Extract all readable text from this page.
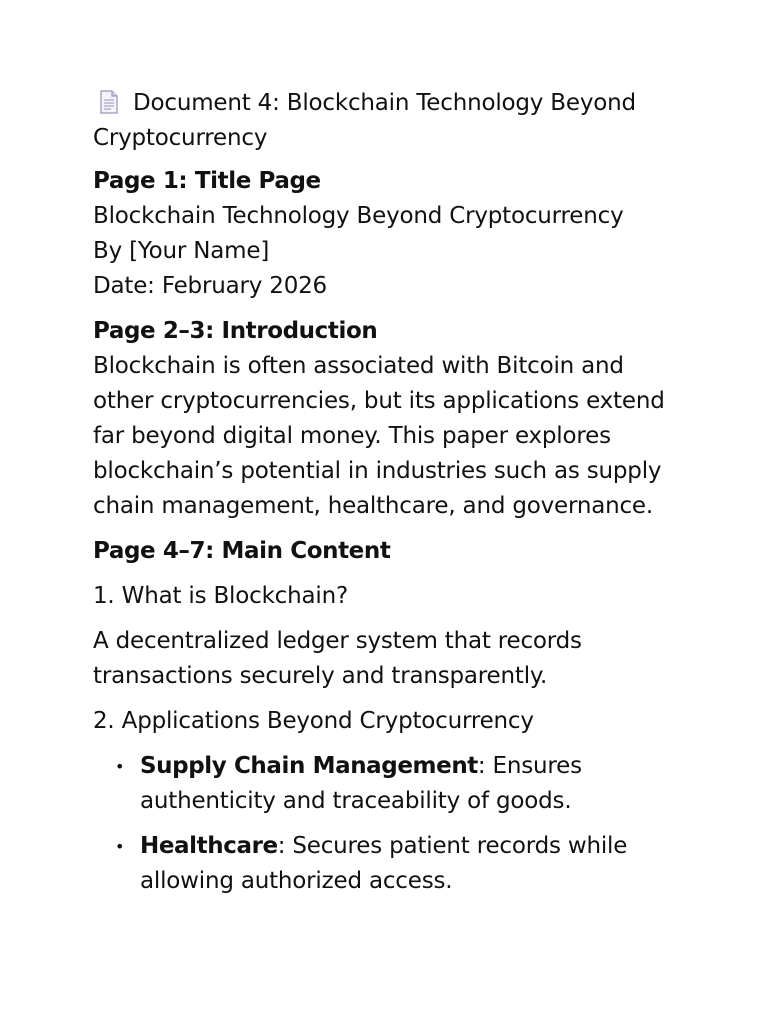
Document 4: Blockchain Technology Beyond Cryptocurrency

Page 1: Title Page

Blockchain Technology Beyond Cryptocurrency

By [Your Name]

Date: February 2026

Page 2–3: Introduction

Blockchain is often associated with Bitcoin and other cryptocurrencies, but its applications extend far beyond digital money. This paper explores blockchain’s potential in industries such as supply chain management, healthcare, and governance.

Page 4–7: Main Content

1. What is Blockchain?

A decentralized ledger system that records transactions securely and transparently.

2. Applications Beyond Cryptocurrency

• Supply Chain Management: Ensures authenticity and traceability of goods.
• Healthcare: Secures patient records while allowing authorized access.
